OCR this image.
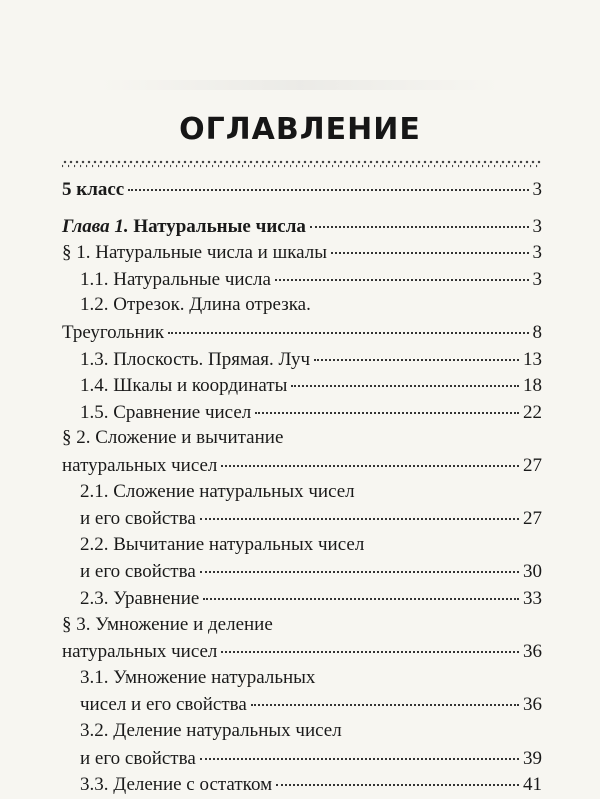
ОГЛАВЛЕНИЕ
5 класс	3
Глава 1. Натуральные числа	3
§ 1. Натуральные числа и шкалы	3
1.1. Натуральные числа	3
1.2. Отрезок. Длина отрезка.
Треугольник	8
1.3. Плоскость. Прямая. Луч	13
1.4. Шкалы и координаты	18
1.5. Сравнение чисел	22
§ 2. Сложение и вычитание
натуральных чисел	27
2.1. Сложение натуральных чисел
и его свойства	27
2.2. Вычитание натуральных чисел
и его свойства	30
2.3. Уравнение	33
§ 3. Умножение и деление
натуральных чисел	36
3.1. Умножение натуральных
чисел и его свойства	36
3.2. Деление натуральных чисел
и его свойства	39
3.3. Деление с остатком	41
